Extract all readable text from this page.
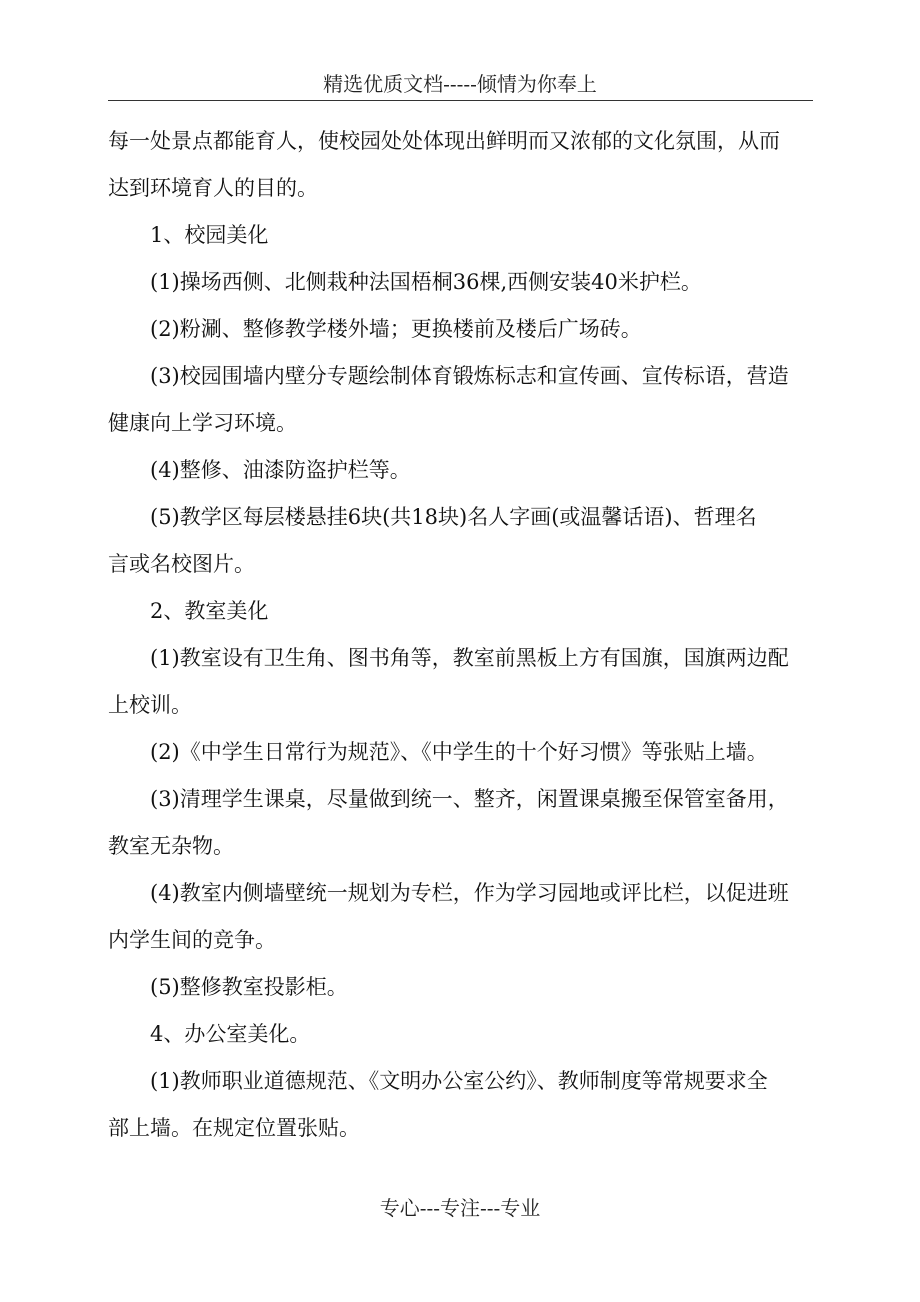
精选优质文档-----倾情为你奉上

每一处景点都能育人，使校园处处体现出鲜明而又浓郁的文化氛围，从而

达到环境育人的目的。

1、校园美化

(1)操场西侧、北侧栽种法国梧桐36棵,西侧安装40米护栏。

(2)粉涮、整修教学楼外墙；更换楼前及楼后广场砖。

(3)校园围墙内壁分专题绘制体育锻炼标志和宣传画、宣传标语，营造

健康向上学习环境。

(4)整修、油漆防盗护栏等。

(5)教学区每层楼悬挂6块(共18块)名人字画(或温馨话语)、哲理名

言或名校图片。

2、教室美化

(1)教室设有卫生角、图书角等，教室前黑板上方有国旗，国旗两边配

上校训。

(2)《中学生日常行为规范》、《中学生的十个好习惯》等张贴上墙。

(3)清理学生课桌，尽量做到统一、整齐，闲置课桌搬至保管室备用，

教室无杂物。

(4)教室内侧墙壁统一规划为专栏，作为学习园地或评比栏，以促进班

内学生间的竞争。

(5)整修教室投影柜。

4、办公室美化。

(1)教师职业道德规范、《文明办公室公约》、教师制度等常规要求全

部上墙。在规定位置张贴。

专心---专注---专业
